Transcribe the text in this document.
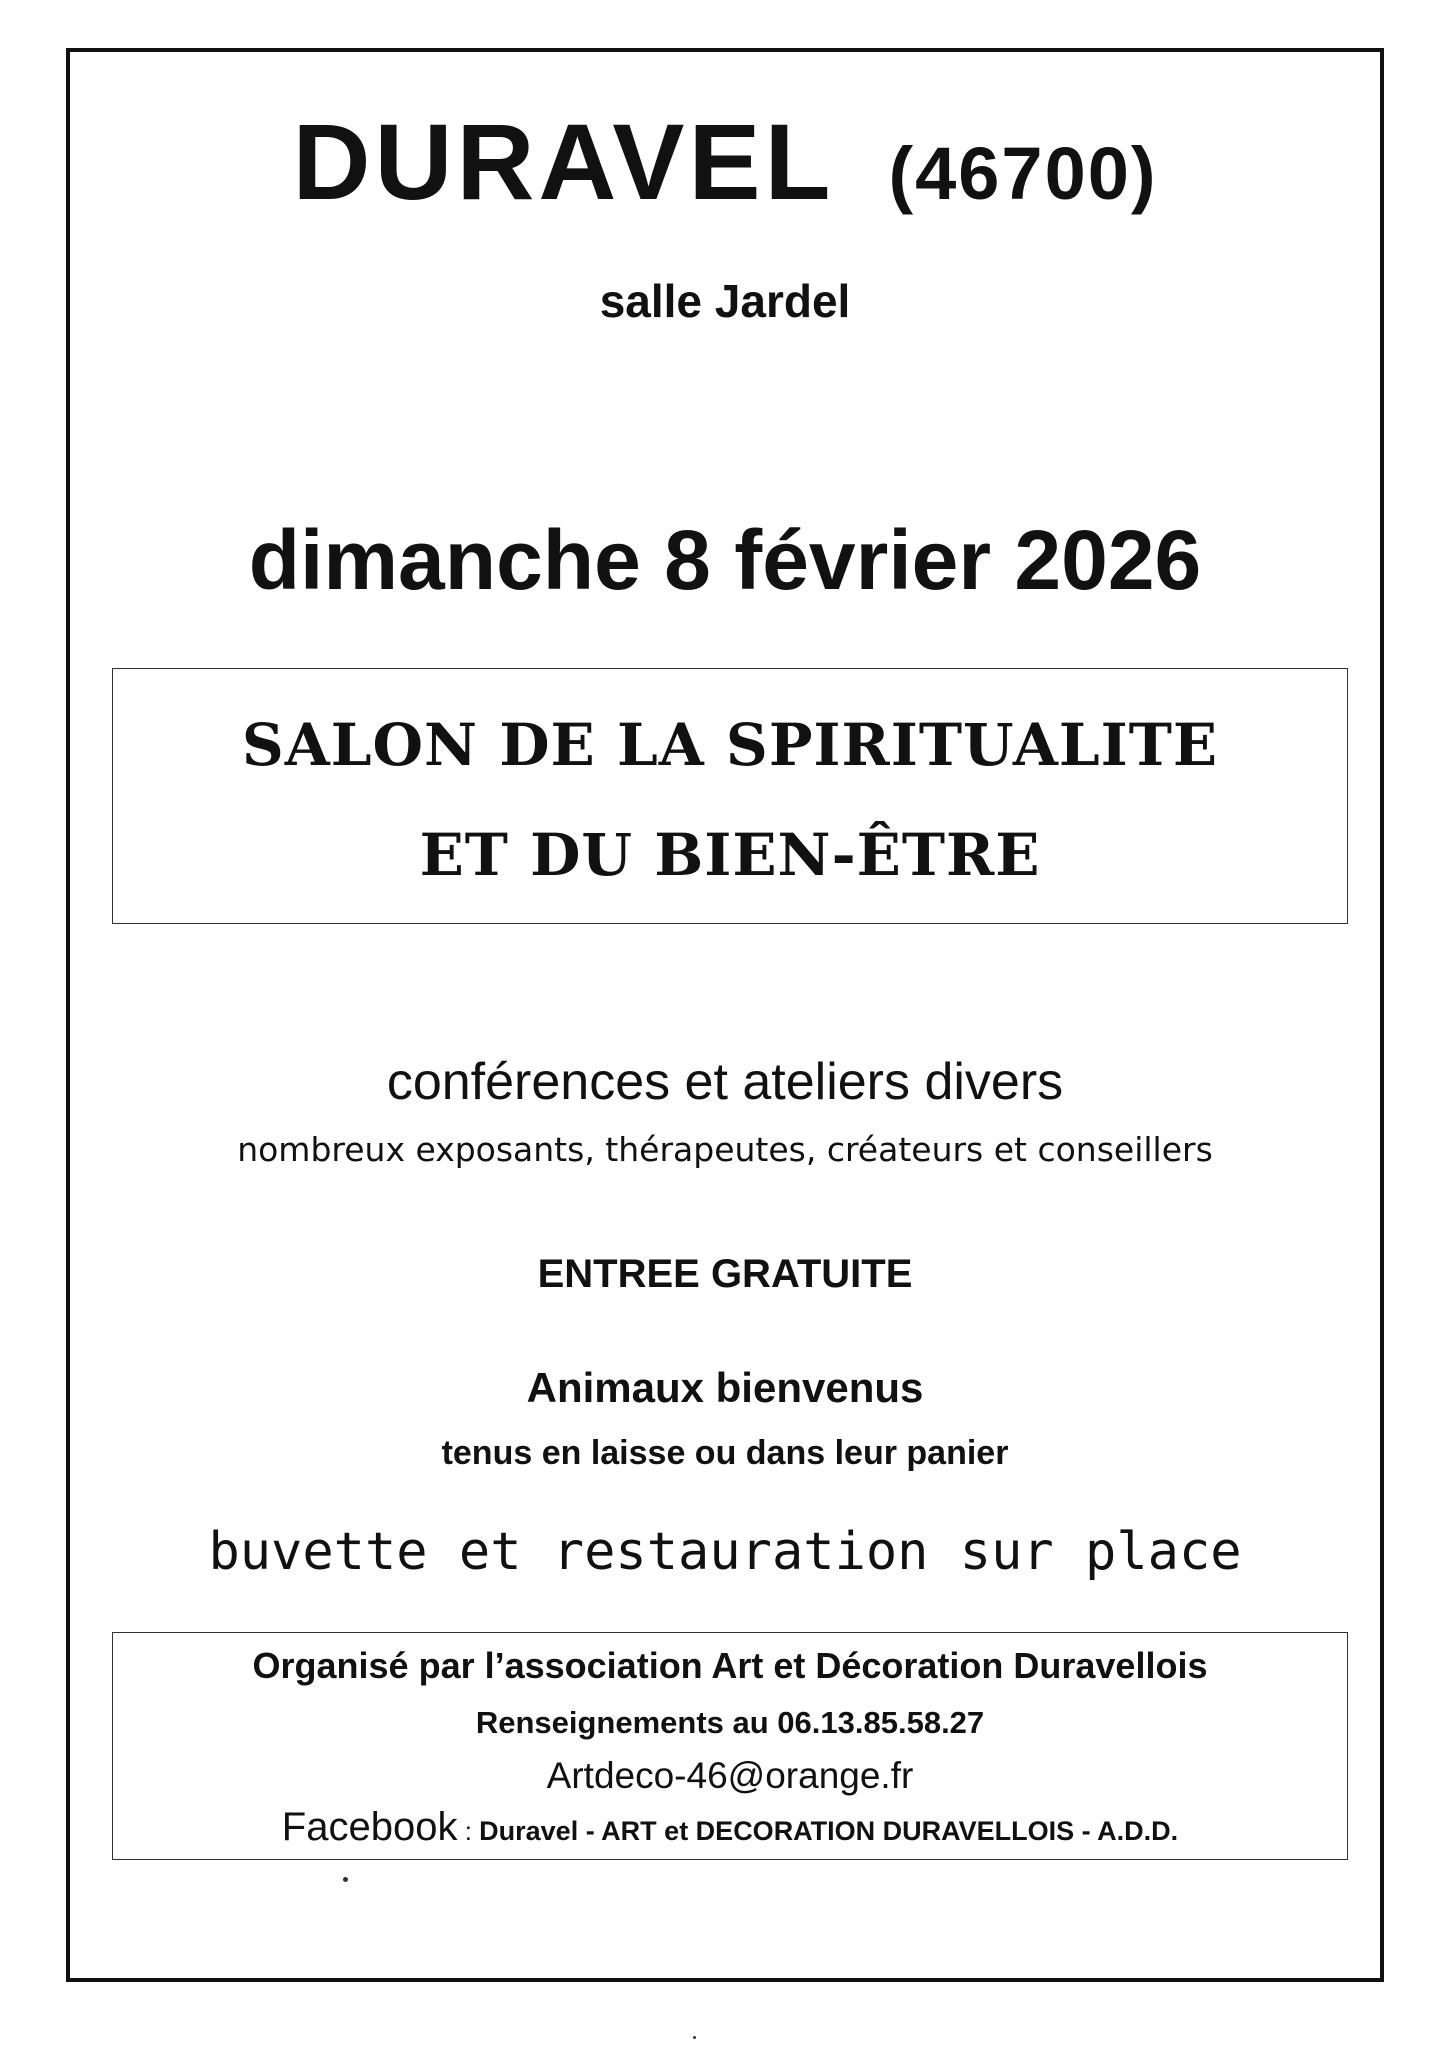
DURAVEL (46700)
salle Jardel
dimanche 8 février 2026
SALON DE LA SPIRITUALITE
ET DU BIEN-ÊTRE
conférences et ateliers divers
nombreux exposants, thérapeutes, créateurs et conseillers
ENTREE GRATUITE
Animaux bienvenus
tenus en laisse ou dans leur panier
buvette et restauration sur place
Organisé par l’association Art et Décoration Duravellois
Renseignements au 06.13.85.58.27
Artdeco-46@orange.fr
Facebook : Duravel - ART et DECORATION DURAVELLOIS - A.D.D.
